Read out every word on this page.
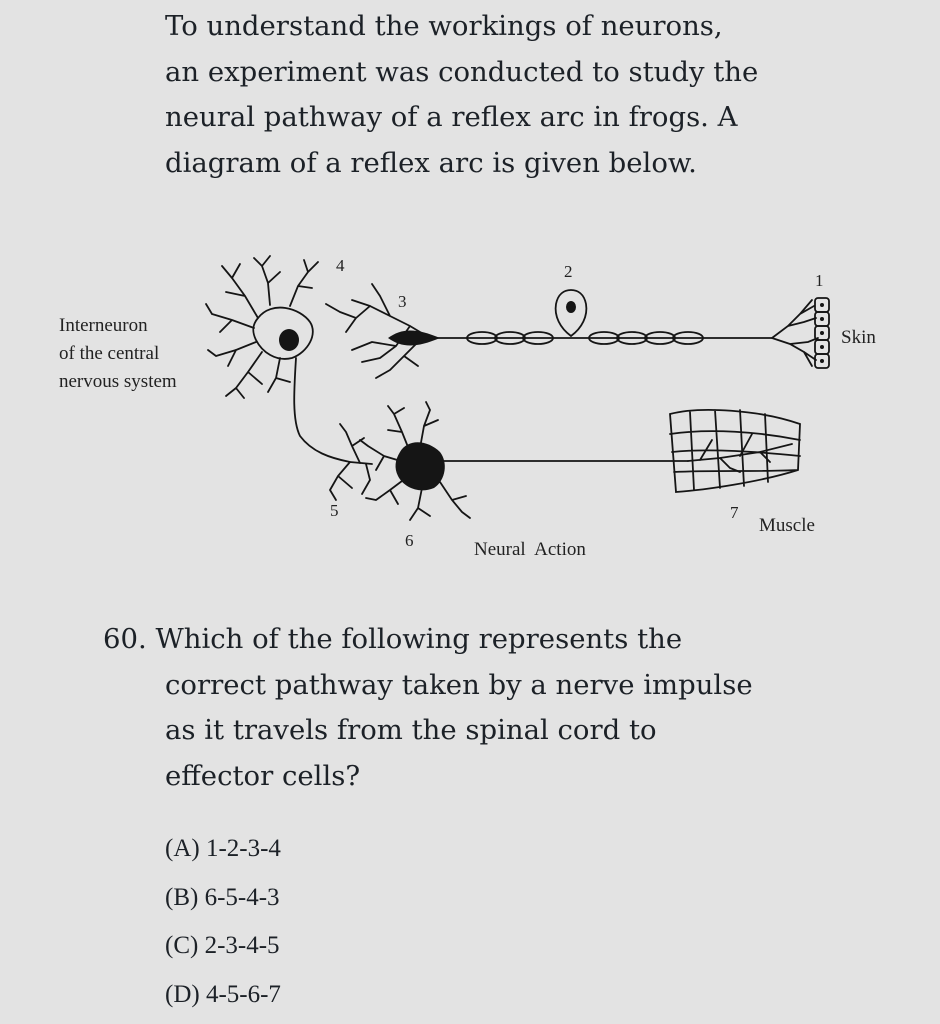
To understand the workings of neurons,

an experiment was conducted to study the

neural pathway of a reflex arc in frogs. A

diagram of a reflex arc is given below.

Interneuron
of the central
nervous system
Skin
Muscle
Neural  Action
1
2
3
4
5
6
7
60. Which of the following represents the
correct pathway taken by a nerve impulse
as it travels from the spinal cord to
effector cells?
(A) 1-2-3-4
(B) 6-5-4-3
(C) 2-3-4-5
(D) 4-5-6-7
